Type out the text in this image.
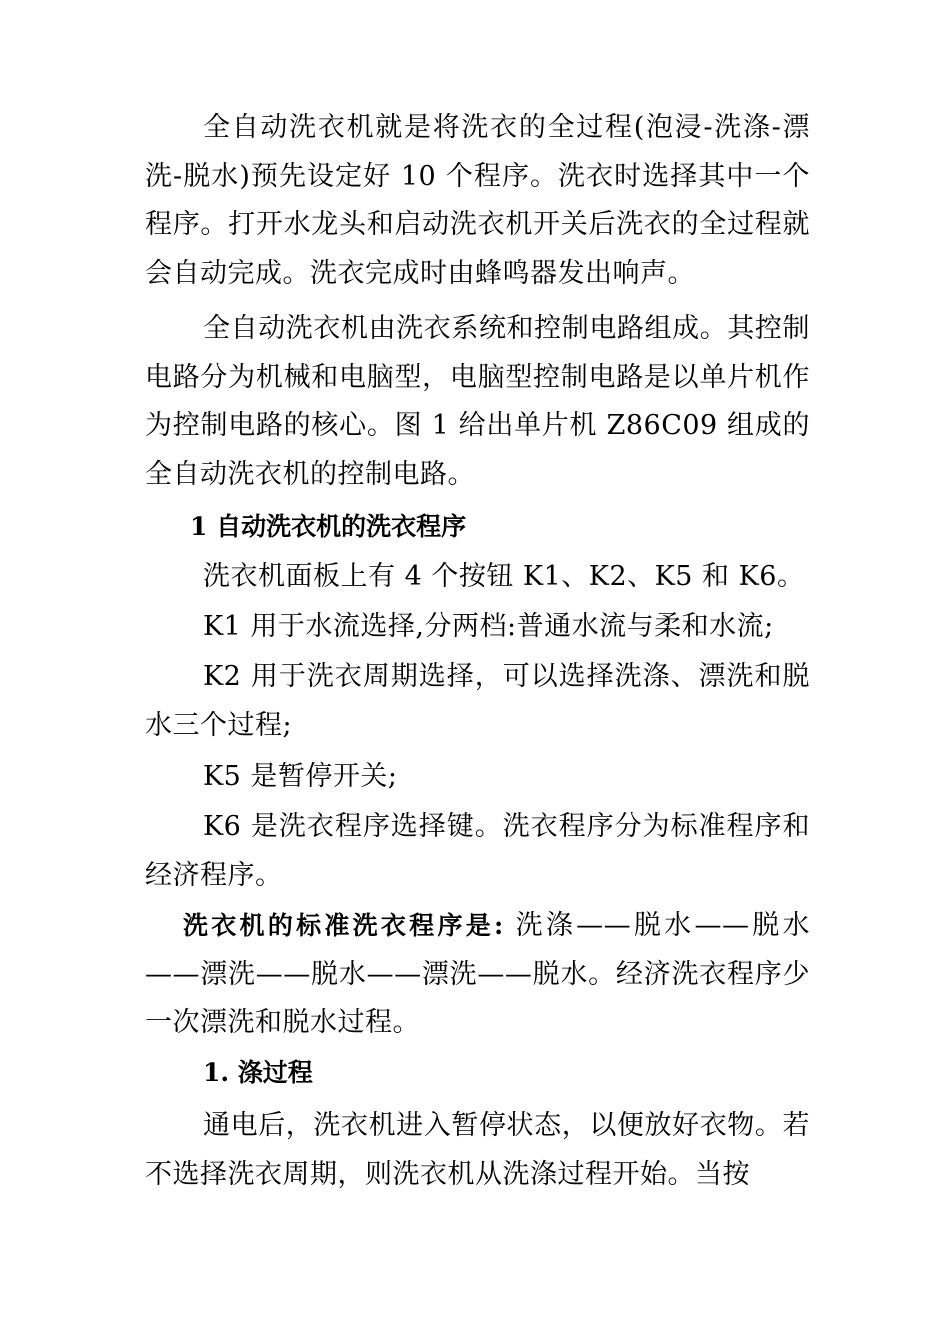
全自动洗衣机就是将洗衣的全过程(泡浸-洗涤-漂洗-脱水)预先设定好 10 个程序。洗衣时选择其中一个程序。打开水龙头和启动洗衣机开关后洗衣的全过程就会自动完成。洗衣完成时由蜂鸣器发出响声。

全自动洗衣机由洗衣系统和控制电路组成。其控制电路分为机械和电脑型，电脑型控制电路是以单片机作为控制电路的核心。图 1 给出单片机 Z86C09 组成的全自动洗衣机的控制电路。

1 自动洗衣机的洗衣程序

洗衣机面板上有 4 个按钮 K1、K2、K5 和 K6。

K1 用于水流选择,分两档:普通水流与柔和水流;

K2 用于洗衣周期选择，可以选择洗涤、漂洗和脱水三个过程;

K5 是暂停开关;

K6 是洗衣程序选择键。洗衣程序分为标准程序和经济程序。

洗衣机的标准洗衣程序是: 洗涤——脱水——脱水——漂洗——脱水——漂洗——脱水。经济洗衣程序少一次漂洗和脱水过程。

1. 涤过程

通电后，洗衣机进入暂停状态，以便放好衣物。若不选择洗衣周期，则洗衣机从洗涤过程开始。当按
